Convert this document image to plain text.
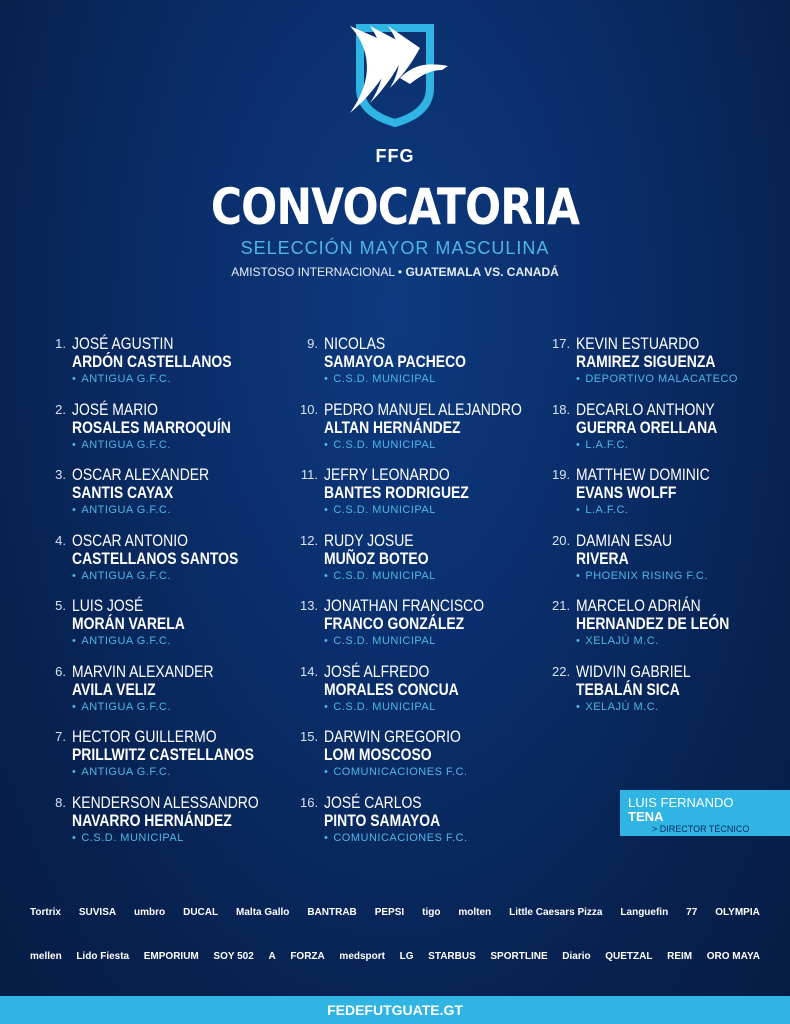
FFG
CONVOCATORIA
SELECCIÓN MAYOR MASCULINA
AMISTOSO INTERNACIONAL • GUATEMALA VS. CANADÁ
1. JOSÉ AGUSTIN
ARDÓN CASTELLANOS
• ANTIGUA G.F.C.
2. JOSÉ MARIO
ROSALES MARROQUÍN
• ANTIGUA G.F.C.
3. OSCAR ALEXANDER
SANTIS CAYAX
• ANTIGUA G.F.C.
4. OSCAR ANTONIO
CASTELLANOS SANTOS
• ANTIGUA G.F.C.
5. LUIS JOSÉ
MORÁN VARELA
• ANTIGUA G.F.C.
6. MARVIN ALEXANDER
AVILA VELIZ
• ANTIGUA G.F.C.
7. HECTOR GUILLERMO
PRILLWITZ CASTELLANOS
• ANTIGUA G.F.C.
8. KENDERSON ALESSANDRO
NAVARRO HERNÁNDEZ
• C.S.D. MUNICIPAL
9. NICOLAS
SAMAYOA PACHECO
• C.S.D. MUNICIPAL
10. PEDRO MANUEL ALEJANDRO
ALTAN HERNÁNDEZ
• C.S.D. MUNICIPAL
11. JEFRY LEONARDO
BANTES RODRIGUEZ
• C.S.D. MUNICIPAL
12. RUDY JOSUE
MUÑOZ BOTEO
• C.S.D. MUNICIPAL
13. JONATHAN FRANCISCO
FRANCO GONZÁLEZ
• C.S.D. MUNICIPAL
14. JOSÉ ALFREDO
MORALES CONCUA
• C.S.D. MUNICIPAL
15. DARWIN GREGORIO
LOM MOSCOSO
• COMUNICACIONES F.C.
16. JOSÉ CARLOS
PINTO SAMAYOA
• COMUNICACIONES F.C.
17. KEVIN ESTUARDO
RAMIREZ SIGUENZA
• DEPORTIVO MALACATECO
18. DECARLO ANTHONY
GUERRA ORELLANA
• L.A.F.C.
19. MATTHEW DOMINIC
EVANS WOLFF
• L.A.F.C.
20. DAMIAN ESAU
RIVERA
• PHOENIX RISING F.C.
21. MARCELO ADRIÁN
HERNANDEZ DE LEÓN
• XELAJÚ M.C.
22. WIDVIN GABRIEL
TEBALÁN SICA
• XELAJÚ M.C.
LUIS FERNANDO
TENA
> DIRECTOR TÉCNICO
Tortrix SUVISA umbro DUCAL Malta Gallo BANTRAB PEPSI tigo molten Little Caesars Pizza Languefin 77 OLYMPIA
mellen Lido Fiesta EMPORIUM SOY 502 A FORZA medsport LG STARBUS SPORTLINE Diario QUETZAL REIM ORO MAYA
FEDEFUTGUATE.GT
